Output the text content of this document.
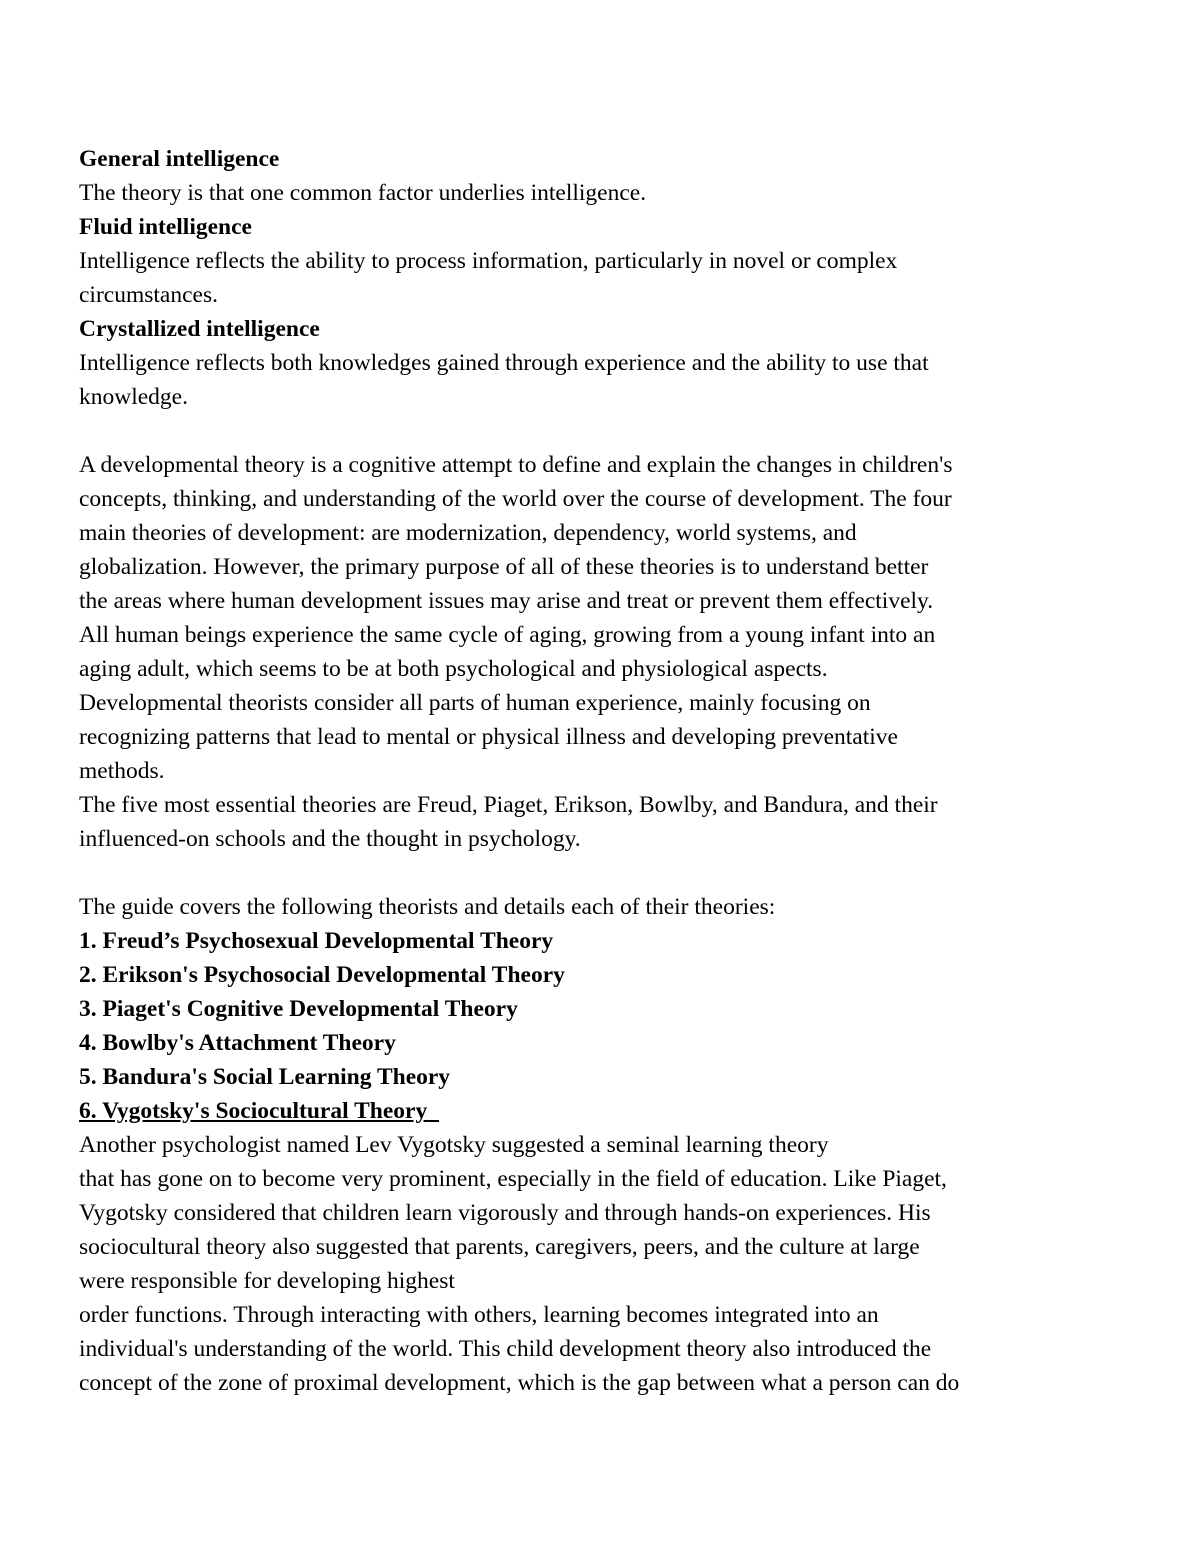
General intelligence
The theory is that one common factor underlies intelligence.
Fluid intelligence
Intelligence reflects the ability to process information, particularly in novel or complex
circumstances.
Crystallized intelligence
Intelligence reflects both knowledges gained through experience and the ability to use that
knowledge.
A developmental theory is a cognitive attempt to define and explain the changes in children's
concepts, thinking, and understanding of the world over the course of development. The four
main theories of development: are modernization, dependency, world systems, and
globalization. However, the primary purpose of all of these theories is to understand better
the areas where human development issues may arise and treat or prevent them effectively.
All human beings experience the same cycle of aging, growing from a young infant into an
aging adult, which seems to be at both psychological and physiological aspects.
Developmental theorists consider all parts of human experience, mainly focusing on
recognizing patterns that lead to mental or physical illness and developing preventative
methods.
The five most essential theories are Freud, Piaget, Erikson, Bowlby, and Bandura, and their
influenced-on schools and the thought in psychology.
The guide covers the following theorists and details each of their theories:
1. Freud’s Psychosexual Developmental Theory
2. Erikson's Psychosocial Developmental Theory
3. Piaget's Cognitive Developmental Theory
4. Bowlby's Attachment Theory
5. Bandura's Social Learning Theory
6. Vygotsky's Sociocultural Theory
Another psychologist named Lev Vygotsky suggested a seminal learning theory
that has gone on to become very prominent, especially in the field of education. Like Piaget,
Vygotsky considered that children learn vigorously and through hands-on experiences. His
sociocultural theory also suggested that parents, caregivers, peers, and the culture at large
were responsible for developing highest
order functions. Through interacting with others, learning becomes integrated into an
individual's understanding of the world. This child development theory also introduced the
concept of the zone of proximal development, which is the gap between what a person can do
